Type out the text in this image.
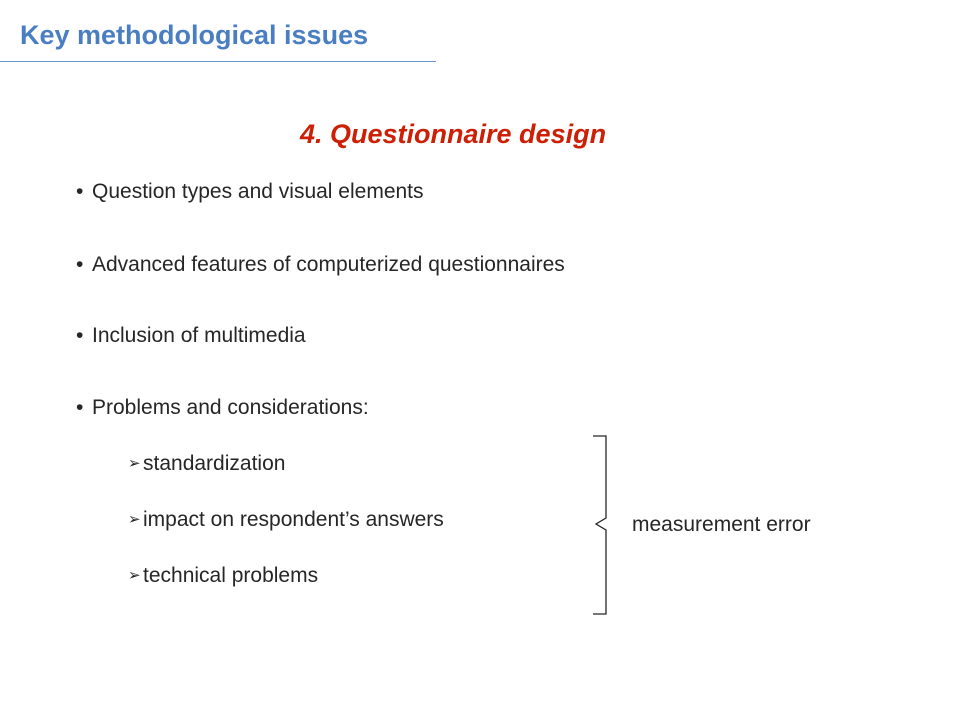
Key methodological issues
4. Questionnaire design
• Question types and visual elements
• Advanced features of computerized questionnaires
• Inclusion of multimedia
• Problems and considerations:
➢ standardization
➢ impact on respondent’s answers
➢ technical problems
measurement error
